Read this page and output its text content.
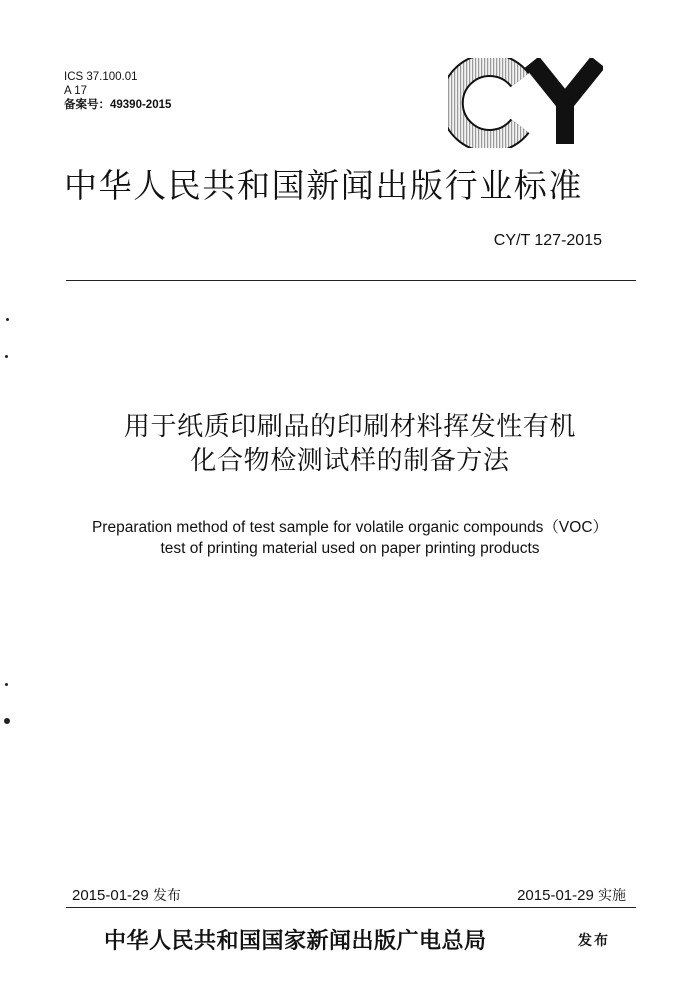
ICS 37.100.01
A 17
备案号：49390-2015
中华人民共和国新闻出版行业标准
CY/T 127-2015
用于纸质印刷品的印刷材料挥发性有机
化合物检测试样的制备方法
Preparation method of test sample for volatile organic compounds（VOC）
test of printing material used on paper printing products
2015-01-29 发布	2015-01-29 实施
中华人民共和国国家新闻出版广电总局	发布
